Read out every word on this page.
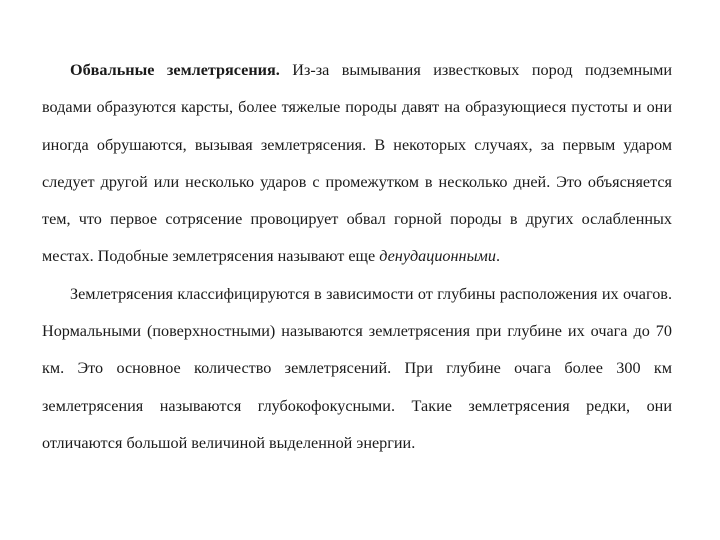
Обвальные землетрясения. Из-за вымывания известковых пород подземными водами образуются карсты, более тяжелые породы давят на образующиеся пустоты и они иногда обрушаются, вызывая землетрясения. В некоторых случаях, за первым ударом следует другой или несколько ударов с промежутком в несколько дней. Это объясняется тем, что первое сотрясение провоцирует обвал горной породы в других ослабленных местах. Подобные землетрясения называют еще денудационными.

Землетрясения классифицируются в зависимости от глубины расположения их очагов. Нормальными (поверхностными) называются землетрясения при глубине их очага до 70 км. Это основное количество землетрясений. При глубине очага более 300 км землетрясения называются глубокофокусными. Такие землетрясения редки, они отличаются большой величиной выделенной энергии.
